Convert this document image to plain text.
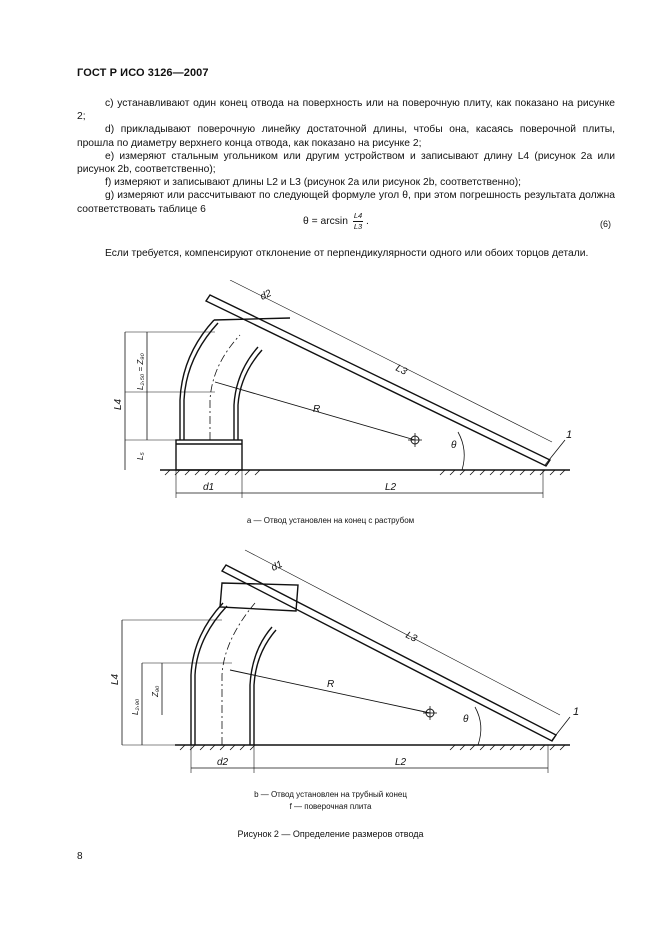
ГОСТ Р ИСО 3126—2007

c) устанавливают один конец отвода на поверхность или на поверочную плиту, как показано на рисунке 2;

d) прикладывают поверочную линейку достаточной длины, чтобы она, касаясь поверочной плиты, прошла по диаметру верхнего конца отвода, как показано на рисунке 2;

e) измеряют стальным угольником или другим устройством и записывают длину L4 (рисунок 2a или рисунок 2b, соответственно);

f) измеряют и записывают длины L2 и L3 (рисунок 2a или рисунок 2b, соответственно);

g) измеряют или рассчитывают по следующей формуле угол θ, при этом погрешность результата должна соответствовать таблице 6

$\theta = \arcsin \frac{L4}{L3}$ .	(6)
Если требуется, компенсируют отклонение от перпендикулярности одного или обоих торцов детали.
d2
L3
L4
L₂,₅₀ = Z₉₀
L₅
R
θ
d1	L2
1
a — Отвод установлен на конец с раструбом
d1
L3
L4
L₂,₉₀
Z₉₀
R
θ
d2	L2
1
b — Отвод установлен на трубный конец
f — поверочная плита
Рисунок 2 — Определение размеров отвода
8
